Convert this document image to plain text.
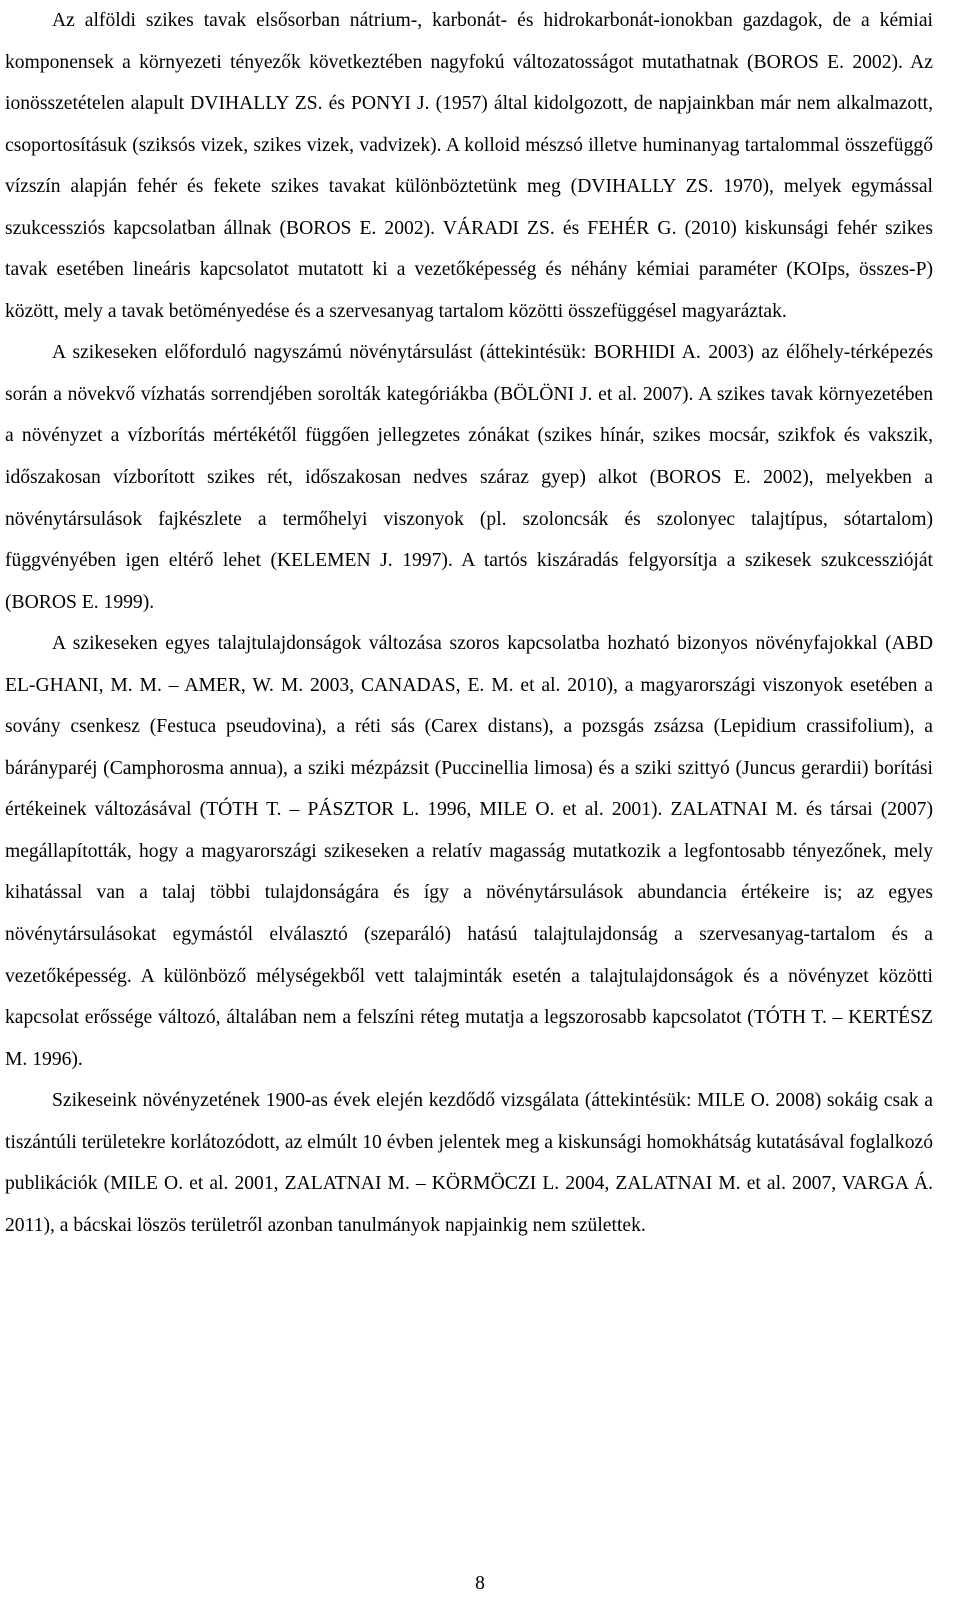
Az alföldi szikes tavak elsősorban nátrium-, karbonát- és hidrokarbonát-ionokban gazdagok, de a kémiai komponensek a környezeti tényezők következtében nagyfokú változatosságot mutathatnak (BOROS E. 2002). Az ionösszetételen alapult DVIHALLY ZS. és PONYI J. (1957) által kidolgozott, de napjainkban már nem alkalmazott, csoportosításuk (sziksós vizek, szikes vizek, vadvizek). A kolloid mészsó illetve huminanyag tartalommal összefüggő vízszín alapján fehér és fekete szikes tavakat különböztetünk meg (DVIHALLY ZS. 1970), melyek egymással szukcessziós kapcsolatban állnak (BOROS E. 2002). VÁRADI ZS. és FEHÉR G. (2010) kiskunsági fehér szikes tavak esetében lineáris kapcsolatot mutatott ki a vezetőképesség és néhány kémiai paraméter (KOIps, összes-P) között, mely a tavak betöményedése és a szervesanyag tartalom közötti összefüggésel magyaráztak.

A szikeseken előforduló nagyszámú növénytársulást (áttekintésük: BORHIDI A. 2003) az élőhely-térképezés során a növekvő vízhatás sorrendjében sorolták kategóriákba (BÖLÖNI J. et al. 2007). A szikes tavak környezetében a növényzet a vízborítás mértékétől függően jellegzetes zónákat (szikes hínár, szikes mocsár, szikfok és vakszik, időszakosan vízborított szikes rét, időszakosan nedves száraz gyep) alkot (BOROS E. 2002), melyekben a növénytársulások fajkészlete a termőhelyi viszonyok (pl. szoloncsák és szolonyec talajtípus, sótartalom) függvényében igen eltérő lehet (KELEMEN J. 1997). A tartós kiszáradás felgyorsítja a szikesek szukcesszióját (BOROS E. 1999).

A szikeseken egyes talajtulajdonságok változása szoros kapcsolatba hozható bizonyos növényfajokkal (ABD EL-GHANI, M. M. – AMER, W. M. 2003, CANADAS, E. M. et al. 2010), a magyarországi viszonyok esetében a sovány csenkesz (Festuca pseudovina), a réti sás (Carex distans), a pozsgás zsázsa (Lepidium crassifolium), a bárányparéj (Camphorosma annua), a sziki mézpázsit (Puccinellia limosa) és a sziki szittyó (Juncus gerardii) borítási értékeinek változásával (TÓTH T. – PÁSZTOR L. 1996, MILE O. et al. 2001). ZALATNAI M. és társai (2007) megállapították, hogy a magyarországi szikeseken a relatív magasság mutatkozik a legfontosabb tényezőnek, mely kihatással van a talaj többi tulajdonságára és így a növénytársulások abundancia értékeire is; az egyes növénytársulásokat egymástól elválasztó (szeparáló) hatású talajtulajdonság a szervesanyag-tartalom és a vezetőképesség. A különböző mélységekből vett talajminták esetén a talajtulajdonságok és a növényzet közötti kapcsolat erőssége változó, általában nem a felszíni réteg mutatja a legszorosabb kapcsolatot (TÓTH T. – KERTÉSZ M. 1996).

Szikeseink növényzetének 1900-as évek elején kezdődő vizsgálata (áttekintésük: MILE O. 2008) sokáig csak a tiszántúli területekre korlátozódott, az elmúlt 10 évben jelentek meg a kiskunsági homokhátság kutatásával foglalkozó publikációk (MILE O. et al. 2001, ZALATNAI M. – KÖRMÖCZI L. 2004, ZALATNAI M. et al. 2007, VARGA Á. 2011), a bácskai löszös területről azonban tanulmányok napjainkig nem születtek.

8
